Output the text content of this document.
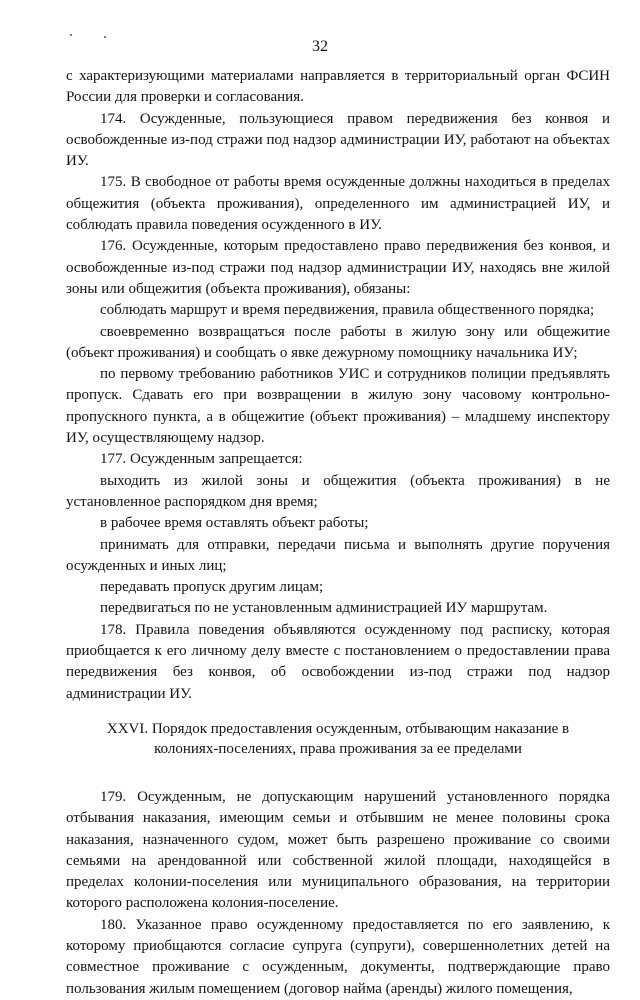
32

с характеризующими материалами направляется в территориальный орган ФСИН России для проверки и согласования.

174. Осужденные, пользующиеся правом передвижения без конвоя и освобожденные из-под стражи под надзор администрации ИУ, работают на объектах ИУ.

175. В свободное от работы время осужденные должны находиться в пределах общежития (объекта проживания), определенного им администрацией ИУ, и соблюдать правила поведения осужденного в ИУ.

176. Осужденные, которым предоставлено право передвижения без конвоя, и освобожденные из-под стражи под надзор администрации ИУ, находясь вне жилой зоны или общежития (объекта проживания), обязаны:

соблюдать маршрут и время передвижения, правила общественного порядка;

своевременно возвращаться после работы в жилую зону или общежитие (объект проживания) и сообщать о явке дежурному помощнику начальника ИУ;

по первому требованию работников УИС и сотрудников полиции предъявлять пропуск. Сдавать его при возвращении в жилую зону часовому контрольно-пропускного пункта, а в общежитие (объект проживания) – младшему инспектору ИУ, осуществляющему надзор.

177. Осужденным запрещается:

выходить из жилой зоны и общежития (объекта проживания) в не установленное распорядком дня время;

в рабочее время оставлять объект работы;

принимать для отправки, передачи письма и выполнять другие поручения осужденных и иных лиц;

передавать пропуск другим лицам;

передвигаться по не установленным администрацией ИУ маршрутам.

178. Правила поведения объявляются осужденному под расписку, которая приобщается к его личному делу вместе с постановлением о предоставлении права передвижения без конвоя, об освобождении из-под стражи под надзор администрации ИУ.

XXVI. Порядок предоставления осужденным, отбывающим наказание в
колониях-поселениях, права проживания за ее пределами

179. Осужденным, не допускающим нарушений установленного порядка отбывания наказания, имеющим семьи и отбывшим не менее половины срока наказания, назначенного судом, может быть разрешено проживание со своими семьями на арендованной или собственной жилой площади, находящейся в пределах колонии-поселения или муниципального образования, на территории которого расположена колония-поселение.

180. Указанное право осужденному предоставляется по его заявлению, к которому приобщаются согласие супруга (супруги), совершеннолетних детей на совместное проживание с осужденным, документы, подтверждающие право пользования жилым помещением (договор найма (аренды) жилого помещения,
